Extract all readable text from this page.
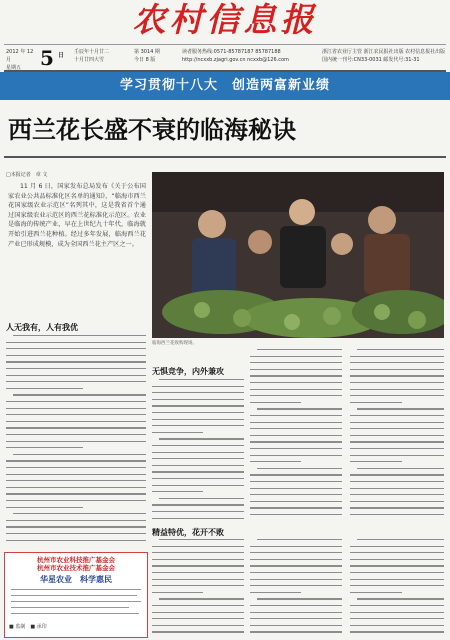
农村信息报
2012 年 12 月
星期五 5 日 壬辰年十月廿二
十月廿四大雪
第 3014 期
今日 8 版
读者服务热线:0571-85787187 85787188
http://ncxxb.zjagri.gov.cn ncxxb@126.com
浙江省农业厅主管 浙江农民报社出版 农村信息报社出版
国内统一刊号:CN33-0031 邮发代号:31-31
学习贯彻十八大　创造两富新业绩
西兰花长盛不衰的临海秘诀
□本报记者　章 文
11 月 6 日，国家发布总局发布《关于公布国家农业公共品标准化区名单的通知》，“临海市西兰花国家级农业示范区”名列其中，这是我省首个通过国家级农业示范区的西兰花标准化示范区。农业是临海的传统产业，早在上世纪九十年代，临海就开始引进西兰花种植。经过多年发展，临海西兰花产业已形成规模，成为全国西兰花主产区之一。
临海西兰花收购现场。
人无我有，人有我优
无惧竞争，内外兼攻
精益特优，花开不败
杭州市农业科技推广基金会
杭州市农业技术推广基金会
华星农业　科学惠民
■ 监制　■ 承印
